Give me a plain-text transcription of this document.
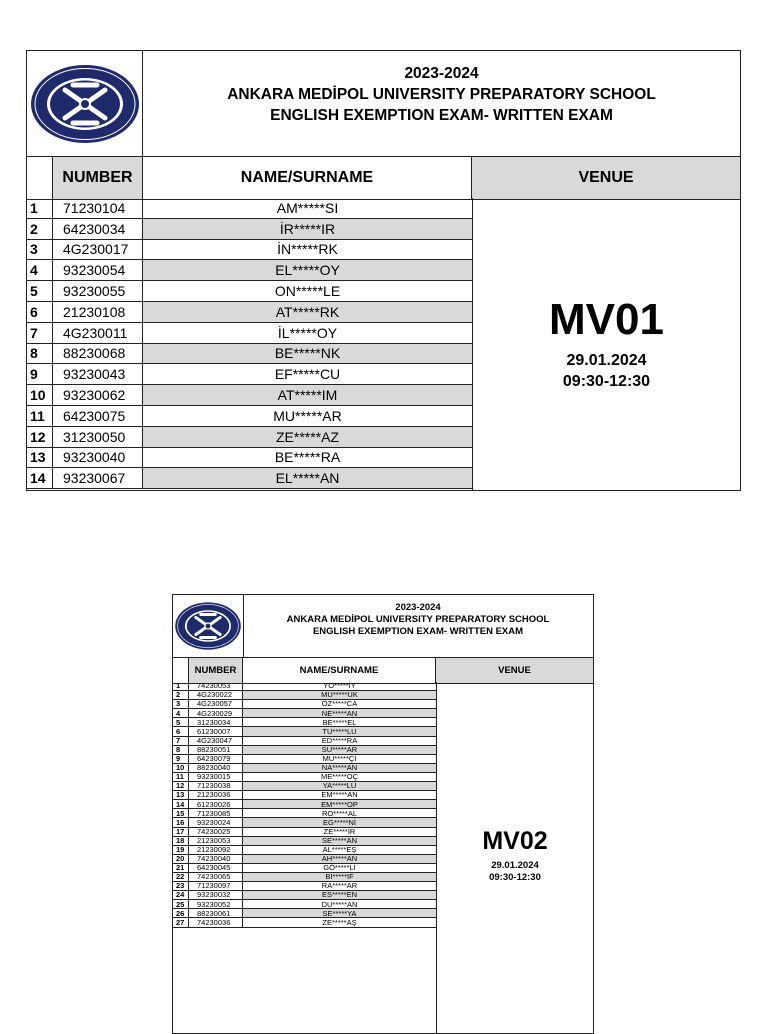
2023-2024
ANKARA MEDİPOL UNIVERSITY PREPARATORY SCHOOL
ENGLISH EXEMPTION EXAM- WRITTEN EXAM
NUMBER	NAME/SURNAME	VENUE
1	71230104	AM*****SI
2	64230034	İR*****IR
3	4G230017	İN*****RK
4	93230054	EL*****OY
5	93230055	ON*****LE
6	21230108	AT*****RK
7	4G230011	İL*****OY
8	88230068	BE*****NK
9	93230043	EF*****CU
10	93230062	AT*****IM
11	64230075	MU*****AR
12	31230050	ZE*****AZ
13	93230040	BE*****RA
14	93230067	EL*****AN
MV01
29.01.2024
09:30-12:30
2023-2024
ANKARA MEDİPOL UNIVERSITY PREPARATORY SCHOOL
ENGLISH EXEMPTION EXAM- WRITTEN EXAM
NUMBER	NAME/SURNAME	VENUE
1	74230053	YO*****İY
2	4G230022	MU*****ÜK
3	4G230057	ÖZ*****CA
4	4G230029	NE*****AN
5	31230034	BE*****EL
6	61230007	TU*****LU
7	4G230047	ED*****RA
8	88230051	SU*****AR
9	64230079	MU*****Çİ
10	88230040	NA*****AN
11	93230015	ME*****OÇ
12	71230038	YA*****LU
13	21230036	EM*****AN
14	61230026	EM*****OP
15	71230085	RO*****AL
16	93230024	EG*****Nİ
17	74230025	ZE*****İR
18	21230053	SE*****AN
19	21230092	AL*****EŞ
20	74230040	AH*****AN
21	64230045	GÖ*****Lİ
22	74230065	Bİ*****İF
23	71230097	RA*****AR
24	93230032	ES*****EN
25	93230052	DU*****AN
26	88230061	SE*****YA
27	74230036	ZE*****AŞ
MV02
29.01.2024
09:30-12:30
